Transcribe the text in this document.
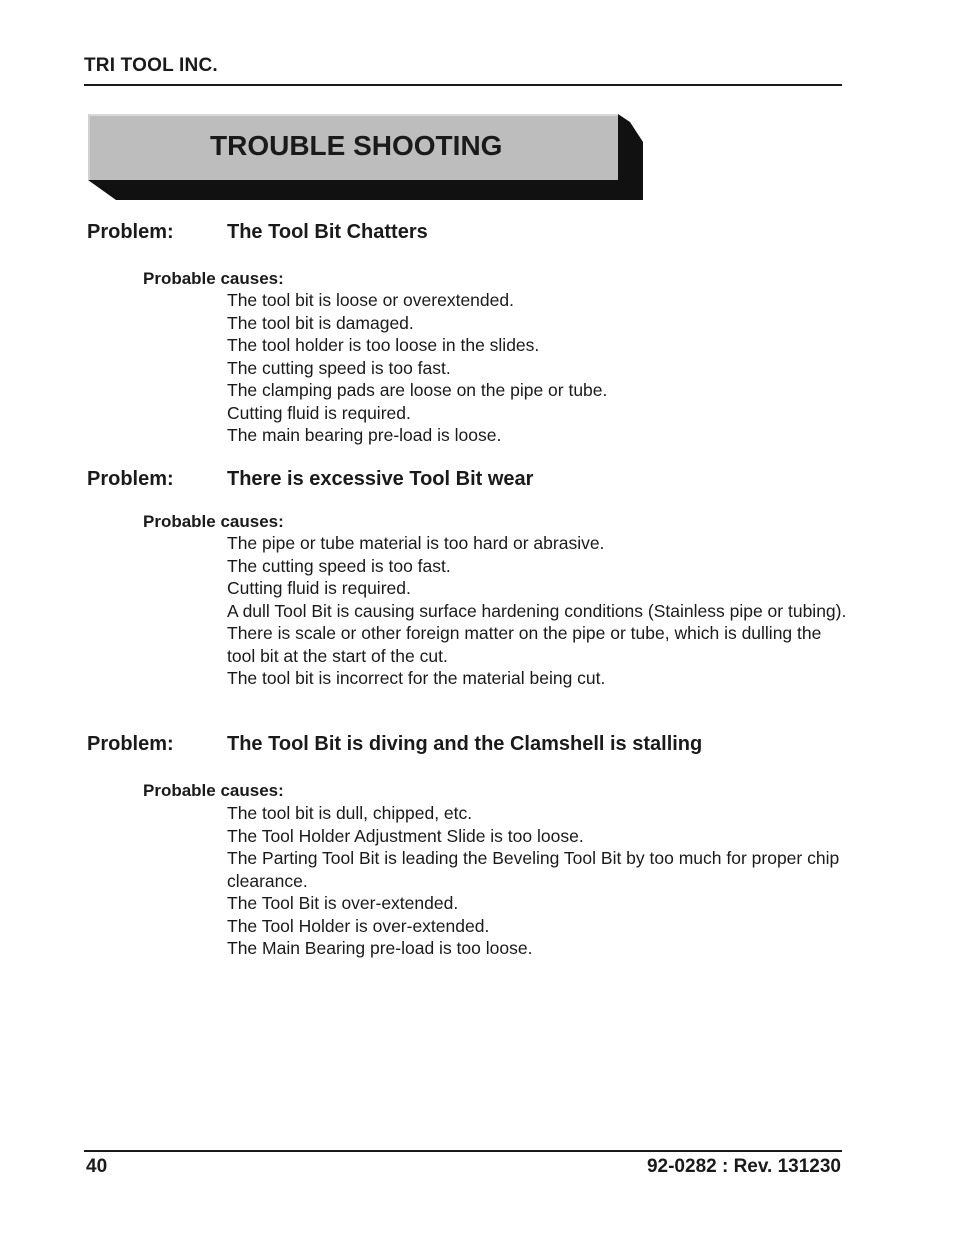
TRI TOOL INC.
TROUBLE SHOOTING
Problem:	The Tool Bit Chatters
Probable causes:
The tool bit is loose or overextended.
The tool bit is damaged.
The tool holder is too loose in the slides.
The cutting speed is too fast.
The clamping pads are loose on the pipe or tube.
Cutting fluid is required.
The main bearing pre-load is loose.
Problem:	There is excessive Tool Bit wear
Probable causes:
The pipe or tube material is too hard or abrasive.
The cutting speed is too fast.
Cutting fluid is required.
A dull Tool Bit is causing surface hardening conditions (Stainless pipe or tubing).
There is scale or other foreign matter on the pipe or tube, which is dulling the tool bit at the start of the cut.
The tool bit is incorrect for the material being cut.
Problem:	The Tool Bit is diving and the Clamshell is stalling
Probable causes:
The tool bit is dull, chipped, etc.
The Tool Holder Adjustment Slide is too loose.
The Parting Tool Bit is leading the Beveling Tool Bit by too much for proper chip clearance.
The Tool Bit is over-extended.
The Tool Holder is over-extended.
The Main Bearing pre-load is too loose.
40	92-0282 : Rev. 131230
